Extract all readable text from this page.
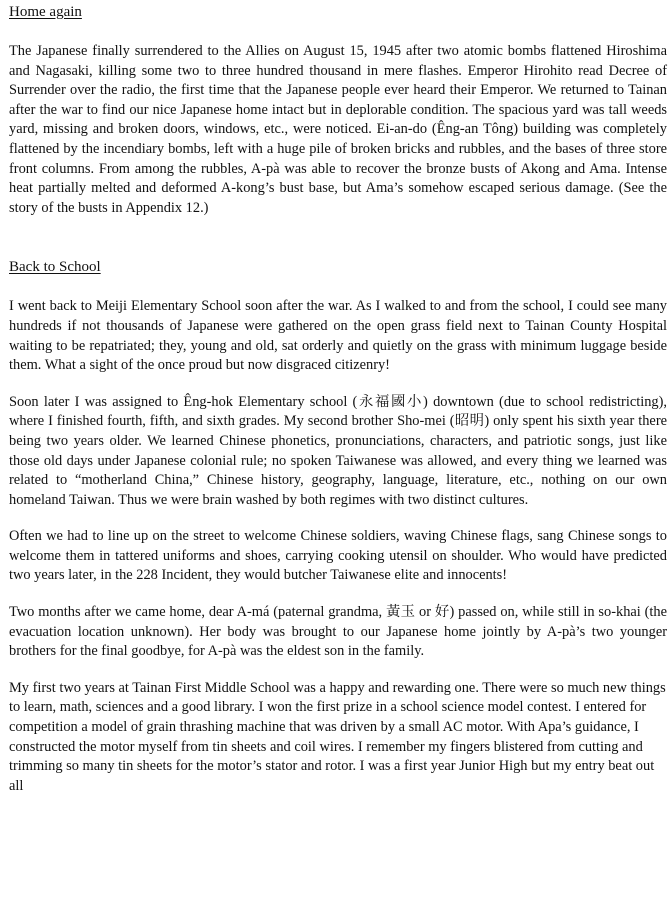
Home again

The Japanese finally surrendered to the Allies on August 15, 1945 after two atomic bombs flattened Hiroshima and Nagasaki, killing some two to three hundred thousand in mere flashes. Emperor Hirohito read Decree of Surrender over the radio, the first time that the Japanese people ever heard their Emperor. We returned to Tainan after the war to find our nice Japanese home intact but in deplorable condition. The spacious yard was tall weeds yard, missing and broken doors, windows, etc., were noticed. Ei-an-do (Êng-an Tông) building was completely flattened by the incendiary bombs, left with a huge pile of broken bricks and rubbles, and the bases of three store front columns. From among the rubbles, A-pà was able to recover the bronze busts of Akong and Ama. Intense heat partially melted and deformed A-kong’s bust base, but Ama’s somehow escaped serious damage. (See the story of the busts in Appendix 12.)

Back to School

I went back to Meiji Elementary School soon after the war. As I walked to and from the school, I could see many hundreds if not thousands of Japanese were gathered on the open grass field next to Tainan County Hospital waiting to be repatriated; they, young and old, sat orderly and quietly on the grass with minimum luggage beside them. What a sight of the once proud but now disgraced citizenry!

Soon later I was assigned to Êng-hok Elementary school (永福國小) downtown (due to school redistricting), where I finished fourth, fifth, and sixth grades. My second brother Sho-mei (昭明) only spent his sixth year there being two years older. We learned Chinese phonetics, pronunciations, characters, and patriotic songs, just like those old days under Japanese colonial rule; no spoken Taiwanese was allowed, and every thing we learned was related to “motherland China,” Chinese history, geography, language, literature, etc., nothing on our own homeland Taiwan. Thus we were brain washed by both regimes with two distinct cultures.

Often we had to line up on the street to welcome Chinese soldiers, waving Chinese flags, sang Chinese songs to welcome them in tattered uniforms and shoes, carrying cooking utensil on shoulder. Who would have predicted two years later, in the 228 Incident, they would butcher Taiwanese elite and innocents!

Two months after we came home, dear A-má (paternal grandma, 黃玉 or 好) passed on, while still in so-khai (the evacuation location unknown). Her body was brought to our Japanese home jointly by A-pà’s two younger brothers for the final goodbye, for A-pà was the eldest son in the family.

My first two years at Tainan First Middle School was a happy and rewarding one. There were so much new things to learn, math, sciences and a good library. I won the first prize in a school science model contest. I entered for competition a model of grain thrashing machine that was driven by a small AC motor. With Apa’s guidance, I constructed the motor myself from tin sheets and coil wires. I remember my fingers blistered from cutting and trimming so many tin sheets for the motor’s stator and rotor. I was a first year Junior High but my entry beat out all
